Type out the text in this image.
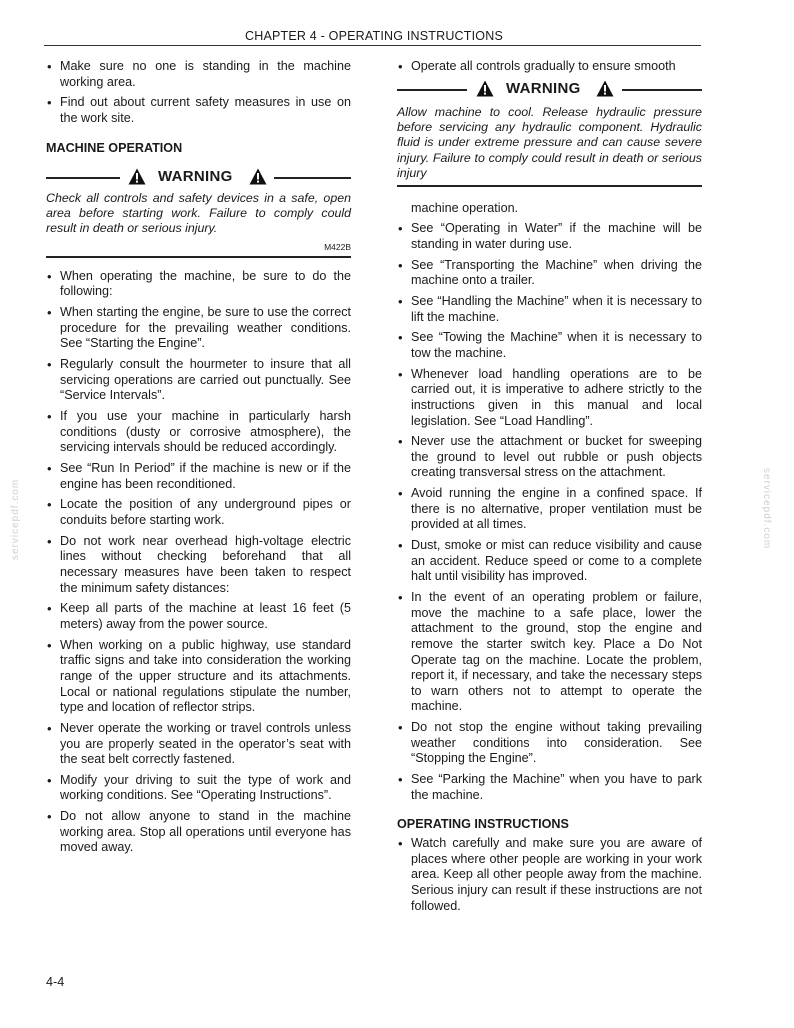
CHAPTER 4 - OPERATING INSTRUCTIONS
• Make sure no one is standing in the machine working area.
• Find out about current safety measures in use on the work site.

MACHINE OPERATION

WARNING

Check all controls and safety devices in a safe, open area before starting work. Failure to comply could result in death or serious injury.

M422B
• When operating the machine, be sure to do the following:
• When starting the engine, be sure to use the correct procedure for the prevailing weather conditions. See “Starting the Engine”.
• Regularly consult the hourmeter to insure that all servicing operations are carried out punctually. See “Service Intervals”.
• If you use your machine in particularly harsh conditions (dusty or corrosive atmosphere), the servicing intervals should be reduced accordingly.
• See “Run In Period” if the machine is new or if the engine has been reconditioned.
• Locate the position of any underground pipes or conduits before starting work.
• Do not work near overhead high-voltage electric lines without checking beforehand that all necessary measures have been taken to respect the minimum safety distances:
• Keep all parts of the machine at least 16 feet (5 meters) away from the power source.
• When working on a public highway, use standard traffic signs and take into consideration the working range of the upper structure and its attachments. Local or national regulations stipulate the number, type and location of reflector strips.
• Never operate the working or travel controls unless you are properly seated in the operator’s seat with the seat belt correctly fastened.
• Modify your driving to suit the type of work and working conditions. See “Operating Instructions”.
• Do not allow anyone to stand in the machine working area. Stop all operations until everyone has moved away.
• Operate all controls gradually to ensure smooth
WARNING

Allow machine to cool. Release hydraulic pressure before servicing any hydraulic component. Hydraulic fluid is under extreme pressure and can cause severe injury. Failure to comply could result in death or serious injury

machine operation.

• See “Operating in Water” if the machine will be standing in water during use.
• See “Transporting the Machine” when driving the machine onto a trailer.
• See “Handling the Machine” when it is necessary to lift the machine.
• See “Towing the Machine” when it is necessary to tow the machine.
• Whenever load handling operations are to be carried out, it is imperative to adhere strictly to the instructions given in this manual and local legislation. See “Load Handling”.
• Never use the attachment or bucket for sweeping the ground to level out rubble or push objects creating transversal stress on the attachment.
• Avoid running the engine in a confined space. If there is no alternative, proper ventilation must be provided at all times.
• Dust, smoke or mist can reduce visibility and cause an accident. Reduce speed or come to a complete halt until visibility has improved.
• In the event of an operating problem or failure, move the machine to a safe place, lower the attachment to the ground, stop the engine and remove the starter switch key. Place a Do Not Operate tag on the machine. Locate the problem, report it, if necessary, and take the necessary steps to warn others not to attempt to operate the machine.
• Do not stop the engine without taking prevailing weather conditions into consideration. See “Stopping the Engine”.
• See “Parking the Machine” when you have to park the machine.

OPERATING INSTRUCTIONS

• Watch carefully and make sure you are aware of places where other people are working in your work area. Keep all other people away from the machine. Serious injury can result if these instructions are not followed.
4-4
servicepdf.com	servicepdf.com
